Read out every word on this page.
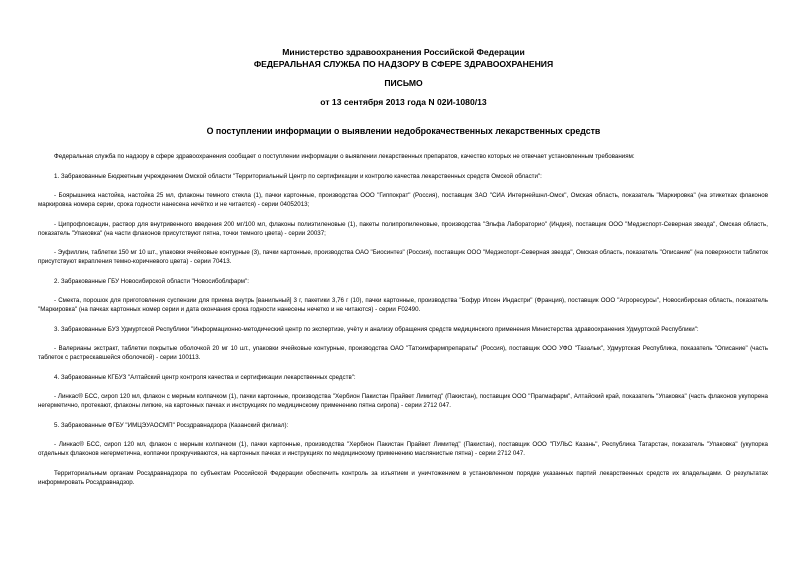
Министерство здравоохранения Российской Федерации
ФЕДЕРАЛЬНАЯ СЛУЖБА ПО НАДЗОРУ В СФЕРЕ ЗДРАВООХРАНЕНИЯ
ПИСЬМО
от 13 сентября 2013 года N 02И-1080/13
О поступлении информации о выявлении недоброкачественных лекарственных средств

Федеральная служба по надзору в сфере здравоохранения сообщает о поступлении информации о выявлении лекарственных препаратов, качество которых не отвечает установленным требованиям:

1. Забракованные Бюджетным учреждением Омской области "Территориальный Центр по сертификации и контролю качества лекарственных средств Омской области":

- Боярышника настойка, настойка 25 мл, флаконы темного стекла (1), пачки картонные, производства ООО "Гиппократ" (Россия), поставщик ЗАО "СИА Интернейшнл-Омск", Омская область, показатель "Маркировка" (на этикетках флаконов маркировка номера серии, срока годности нанесена нечётко и не читается) - серии 04052013;

- Ципрофлоксацин, раствор для внутривенного введения 200 мг/100 мл, флаконы полиэтиленовые (1), пакеты полипропиленовые, производства "Эльфа Лабораторио" (Индия), поставщик ООО "Медэкспорт-Северная звезда", Омская область, показатель "Упаковка" (на части флаконов присутствуют пятна, точки темного цвета) - серии 20037;

- Эуфиллин, таблетки 150 мг 10 шт., упаковки ячейковые контурные (3), пачки картонные, производства ОАО "Биосинтез" (Россия), поставщик ООО "Медэкспорт-Северная звезда", Омская область, показатель "Описание" (на поверхности таблеток присутствуют вкрапления темно-коричневого цвета) - серии 70413.

2. Забракованные ГБУ Новосибирской области "Новосибоблфарм":

- Смекта, порошок для приготовления суспензии для приема внутрь [ванильный] 3 г, пакетики 3,76 г (10), пачки картонные, производства "Бофур Ипсен Индастри" (Франция), поставщик ООО "Агроресурсы", Новосибирская область, показатель "Маркировка" (на пачках картонных номер серии и дата окончания срока годности нанесены нечетко и не читаются) - серии F02490.

3. Забракованные БУЗ Удмуртской Республики "Информационно-методический центр по экспертизе, учёту и анализу обращения средств медицинского применения Министерства здравоохранения Удмуртской Республики":

- Валерианы экстракт, таблетки покрытые оболочкой 20 мг 10 шт., упаковки ячейковые контурные, производства ОАО "Татхимфармпрепараты" (Россия), поставщик ООО УФО "Тазалык", Удмуртская Республика, показатель "Описание" (часть таблеток с растрескавшейся оболочкой) - серии 100113.

4. Забракованные КГБУЗ "Алтайский центр контроля качества и сертификации лекарственных средств":

- Линкас® БСС, сироп 120 мл, флакон с мерным колпачком (1), пачки картонные, производства "Хербион Пакистан Прайвет Лимитед" (Пакистан), поставщик ООО "Прагмафарм", Алтайский край, показатель "Упаковка" (часть флаконов укупорена негерметично, протекают, флаконы липкие, на картонных пачках и инструкциях по медицинскому применению пятна сиропа) - серии 2712 047.

5. Забракованные ФГБУ "ИМЦЭУАОСМП" Росздравнадзора (Казанский филиал):

- Линкас® БСС, сироп 120 мл, флакон с мерным колпачком (1), пачки картонные, производства "Хербион Пакистан Прайвет Лимитед" (Пакистан), поставщик ООО "ПУЛЬС Казань", Республика Татарстан, показатель "Упаковка" (укупорка отдельных флаконов негерметична, колпачки прокручиваются, на картонных пачках и инструкциях по медицинскому применению маслянистые пятна) - серии 2712 047.

Территориальным органам Росздравнадзора по субъектам Российской Федерации обеспечить контроль за изъятием и уничтожением в установленном порядке указанных партий лекарственных средств их владельцами. О результатах информировать Росздравнадзор.
